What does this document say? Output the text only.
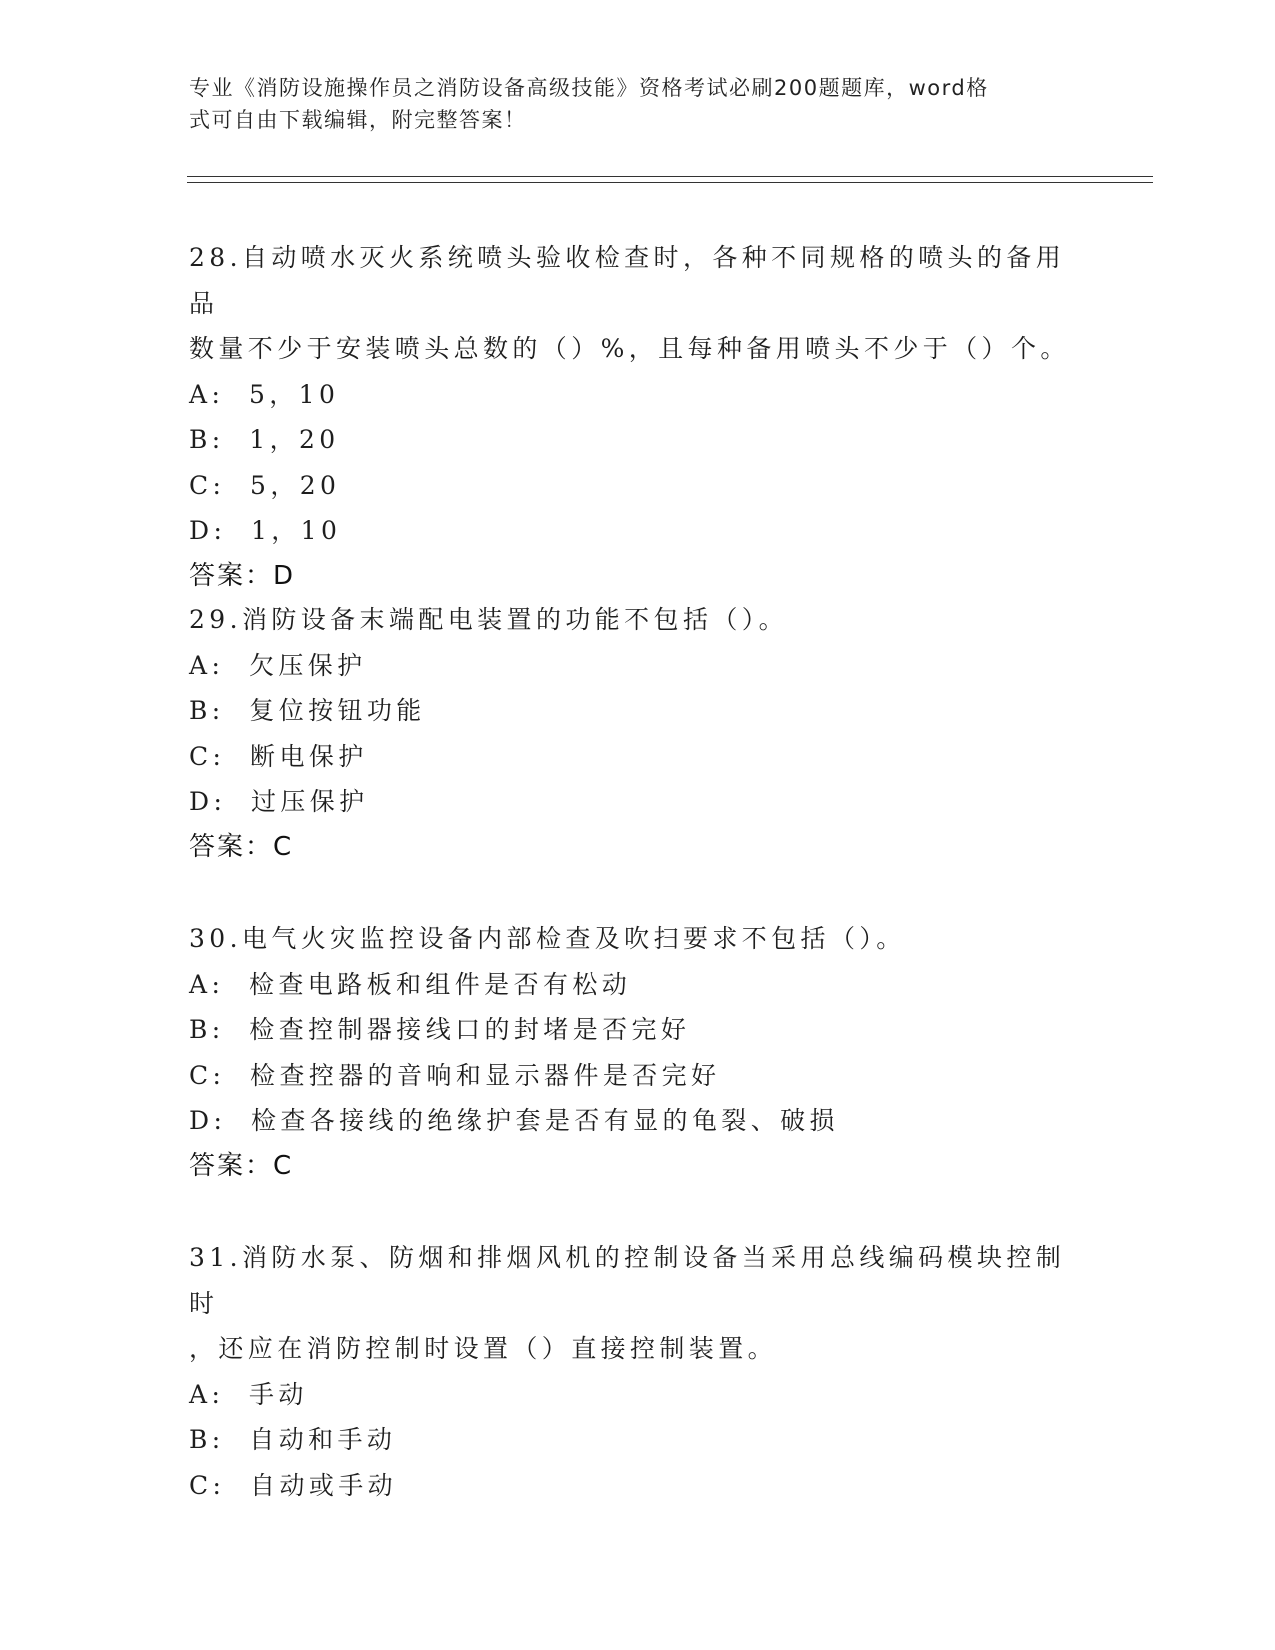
专业《消防设施操作员之消防设备高级技能》资格考试必刷200题题库，word格
式可自由下载编辑，附完整答案！

28.自动喷水灭火系统喷头验收检查时，各种不同规格的喷头的备用品
数量不少于安装喷头总数的（）%，且每种备用喷头不少于（）个。

A:  5，10

B:  1，20

C:  5，20

D:  1，10

答案：D

29.消防设备末端配电装置的功能不包括（）。

A:  欠压保护

B:  复位按钮功能

C:  断电保护

D:  过压保护

答案：C

30.电气火灾监控设备内部检查及吹扫要求不包括（）。

A:  检查电路板和组件是否有松动

B:  检查控制器接线口的封堵是否完好

C:  检查控器的音响和显示器件是否完好

D:  检查各接线的绝缘护套是否有显的龟裂、破损

答案：C

31.消防水泵、防烟和排烟风机的控制设备当采用总线编码模块控制时
，还应在消防控制时设置（）直接控制装置。

A:  手动

B:  自动和手动

C:  自动或手动
